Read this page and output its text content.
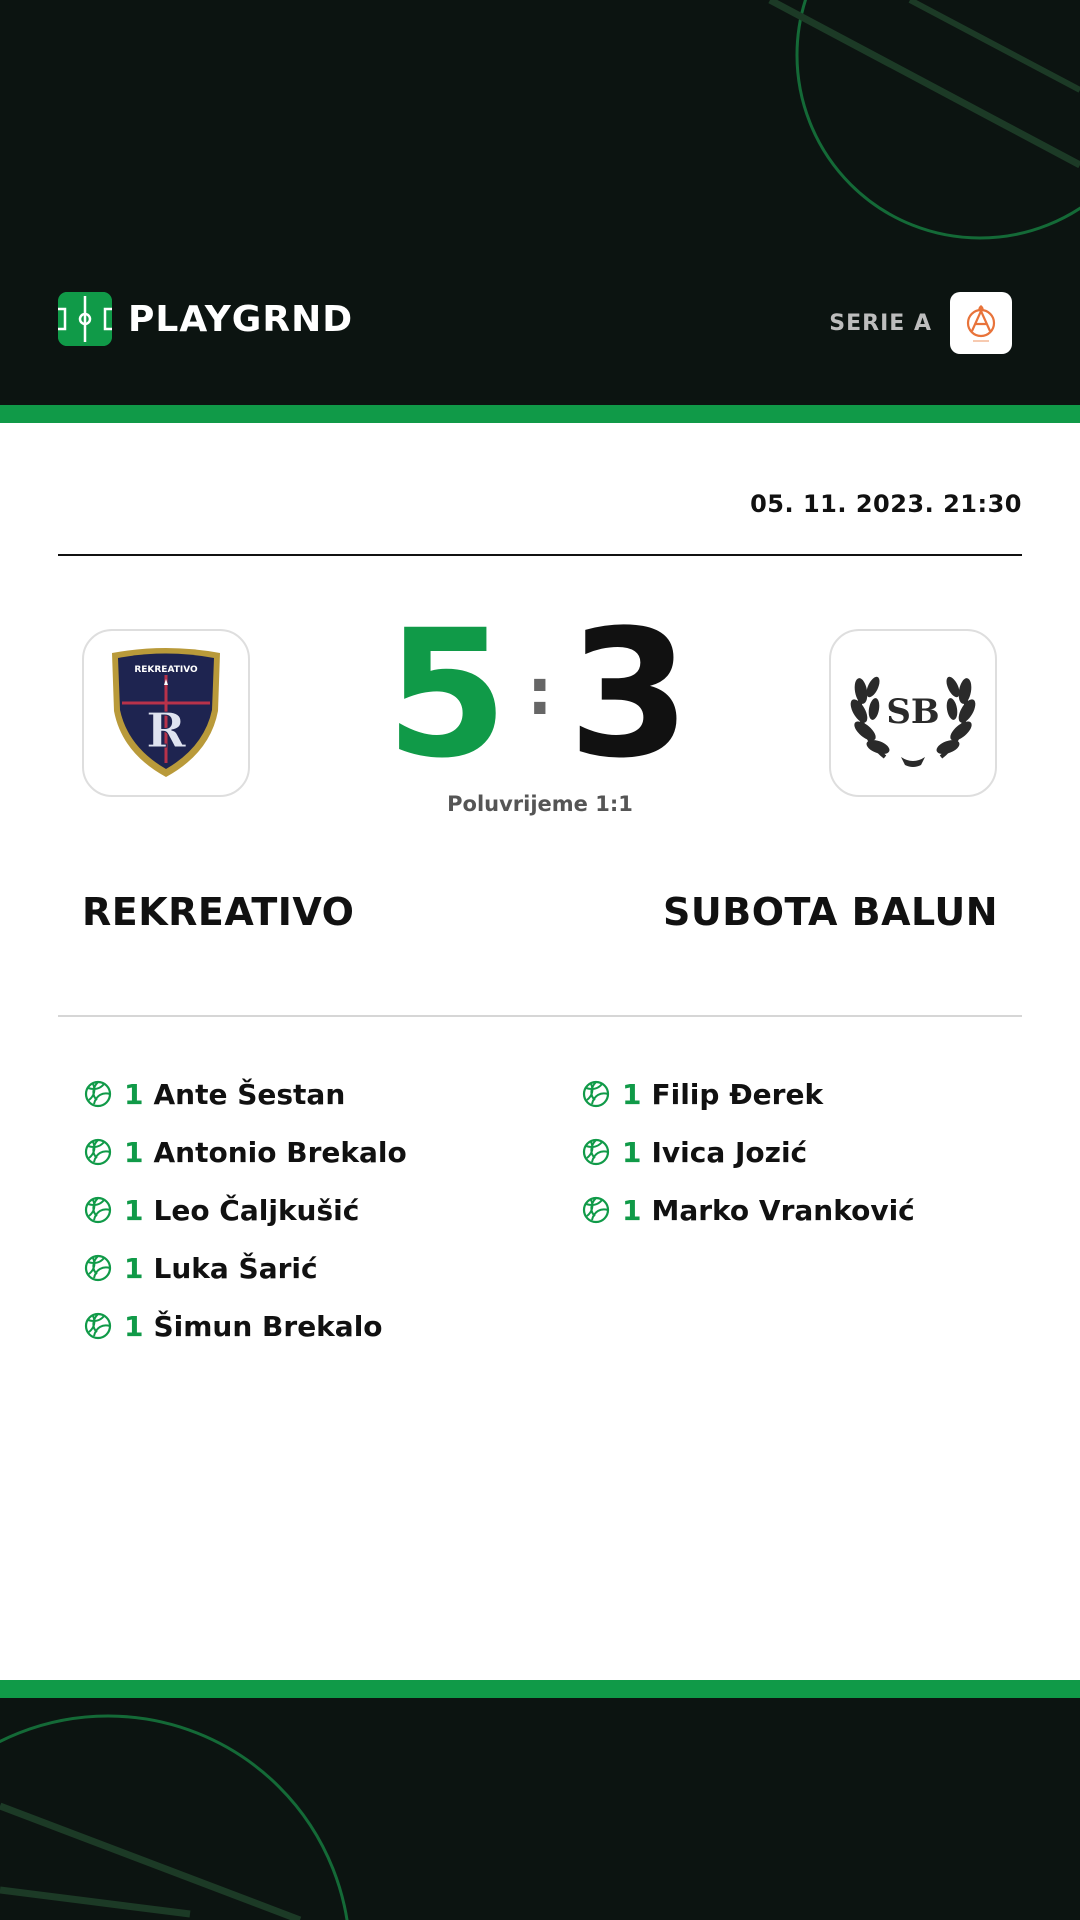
PLAYGRND	SERIE A
05. 11. 2023. 21:30
REKREATIVO
R 5 : 3	SB
Poluvrijeme 1:1
REKREATIVO	SUBOTA BALUN
1 Ante Šestan
1 Antonio Brekalo
1 Leo Čaljkušić
1 Luka Šarić
1 Šimun Brekalo
1 Filip Đerek
1 Ivica Jozić
1 Marko Vranković
